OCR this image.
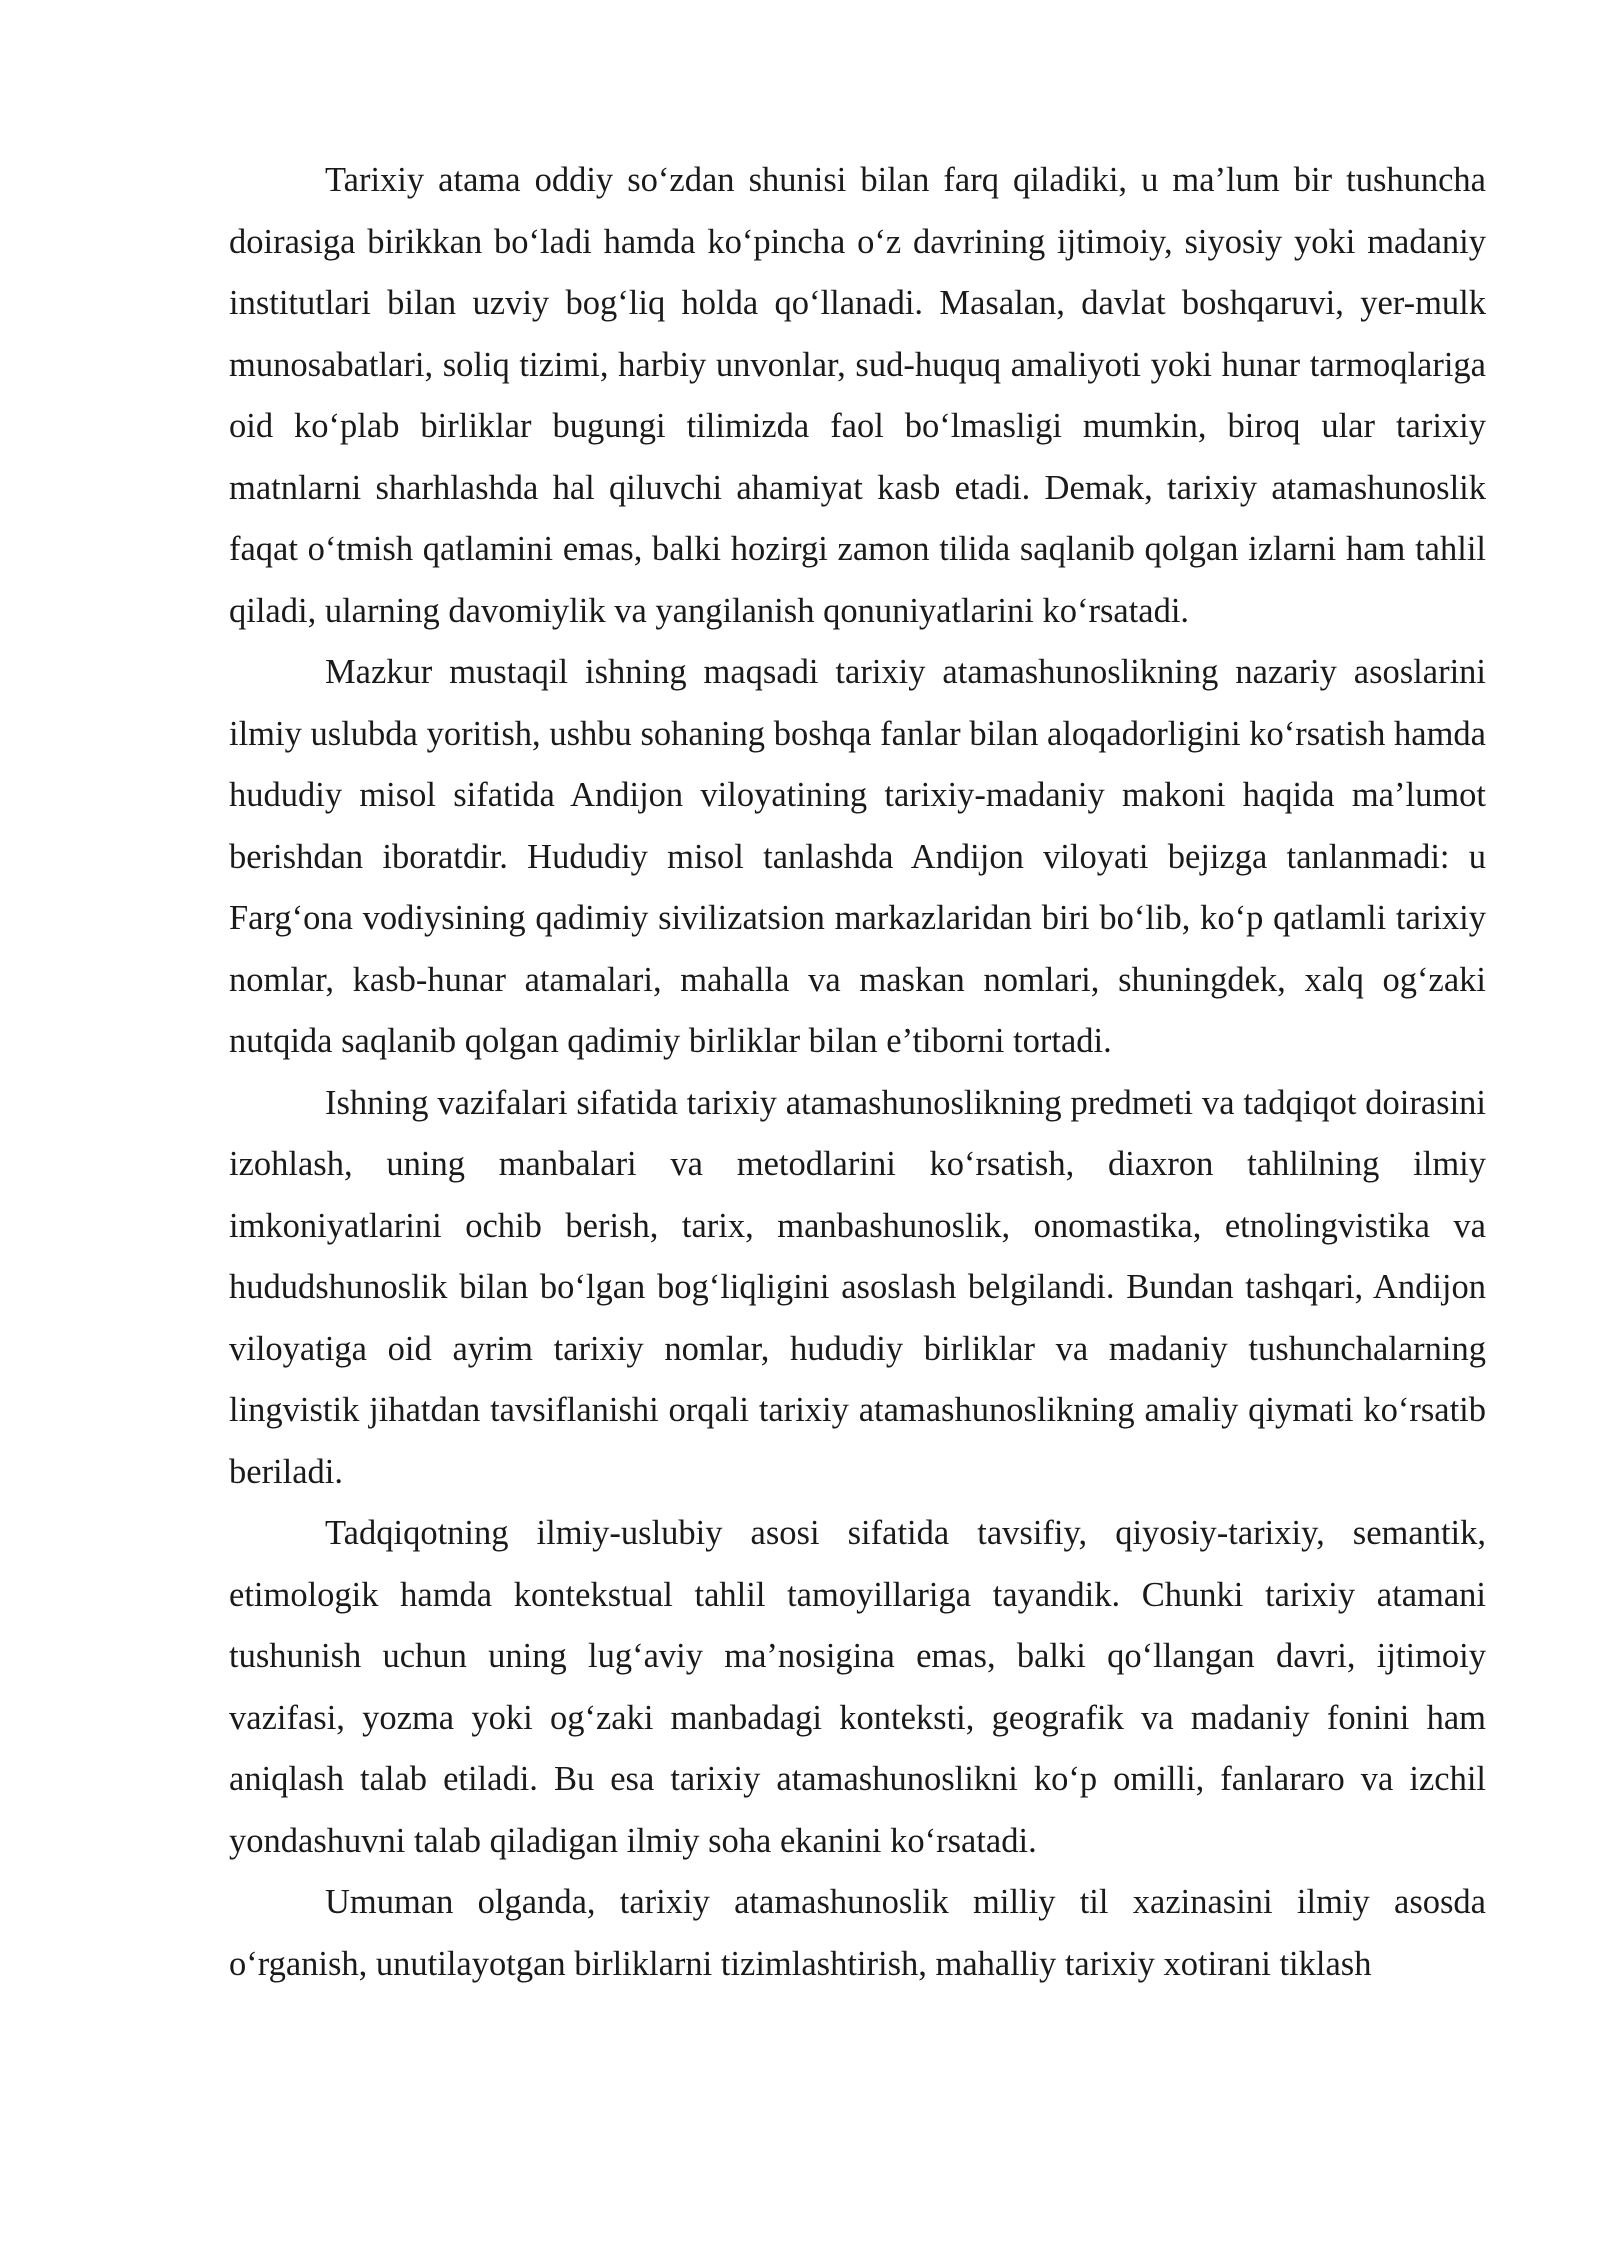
Tarixiy atama oddiy so‘zdan shunisi bilan farq qiladiki, u ma’lum bir tushuncha doirasiga birikkan bo‘ladi hamda ko‘pincha o‘z davrining ijtimoiy, siyosiy yoki madaniy institutlari bilan uzviy bog‘liq holda qo‘llanadi. Masalan, davlat boshqaruvi, yer-mulk munosabatlari, soliq tizimi, harbiy unvonlar, sud-huquq amaliyoti yoki hunar tarmoqlariga oid ko‘plab birliklar bugungi tilimizda faol bo‘lmasligi mumkin, biroq ular tarixiy matnlarni sharhlashda hal qiluvchi ahamiyat kasb etadi. Demak, tarixiy atamashunoslik faqat o‘tmish qatlamini emas, balki hozirgi zamon tilida saqlanib qolgan izlarni ham tahlil qiladi, ularning davomiylik va yangilanish qonuniyatlarini ko‘rsatadi.

Mazkur mustaqil ishning maqsadi tarixiy atamashunoslikning nazariy asoslarini ilmiy uslubda yoritish, ushbu sohaning boshqa fanlar bilan aloqadorligini ko‘rsatish hamda hududiy misol sifatida Andijon viloyatining tarixiy-madaniy makoni haqida ma’lumot berishdan iboratdir. Hududiy misol tanlashda Andijon viloyati bejizga tanlanmadi: u Farg‘ona vodiysining qadimiy sivilizatsion markazlaridan biri bo‘lib, ko‘p qatlamli tarixiy nomlar, kasb-hunar atamalari, mahalla va maskan nomlari, shuningdek, xalq og‘zaki nutqida saqlanib qolgan qadimiy birliklar bilan e’tiborni tortadi.

Ishning vazifalari sifatida tarixiy atamashunoslikning predmeti va tadqiqot doirasini izohlash, uning manbalari va metodlarini ko‘rsatish, diaxron tahlilning ilmiy imkoniyatlarini ochib berish, tarix, manbashunoslik, onomastika, etnolingvistika va hududshunoslik bilan bo‘lgan bog‘liqligini asoslash belgilandi. Bundan tashqari, Andijon viloyatiga oid ayrim tarixiy nomlar, hududiy birliklar va madaniy tushunchalarning lingvistik jihatdan tavsiflanishi orqali tarixiy atamashunoslikning amaliy qiymati ko‘rsatib beriladi.

Tadqiqotning ilmiy-uslubiy asosi sifatida tavsifiy, qiyosiy-tarixiy, semantik, etimologik hamda kontekstual tahlil tamoyillariga tayandik. Chunki tarixiy atamani tushunish uchun uning lug‘aviy ma’nosigina emas, balki qo‘llangan davri, ijtimoiy vazifasi, yozma yoki og‘zaki manbadagi konteksti, geografik va madaniy fonini ham aniqlash talab etiladi. Bu esa tarixiy atamashunoslikni ko‘p omilli, fanlararo va izchil yondashuvni talab qiladigan ilmiy soha ekanini ko‘rsatadi.

Umuman olganda, tarixiy atamashunoslik milliy til xazinasini ilmiy asosda o‘rganish, unutilayotgan birliklarni tizimlashtirish, mahalliy tarixiy xotirani tiklash
